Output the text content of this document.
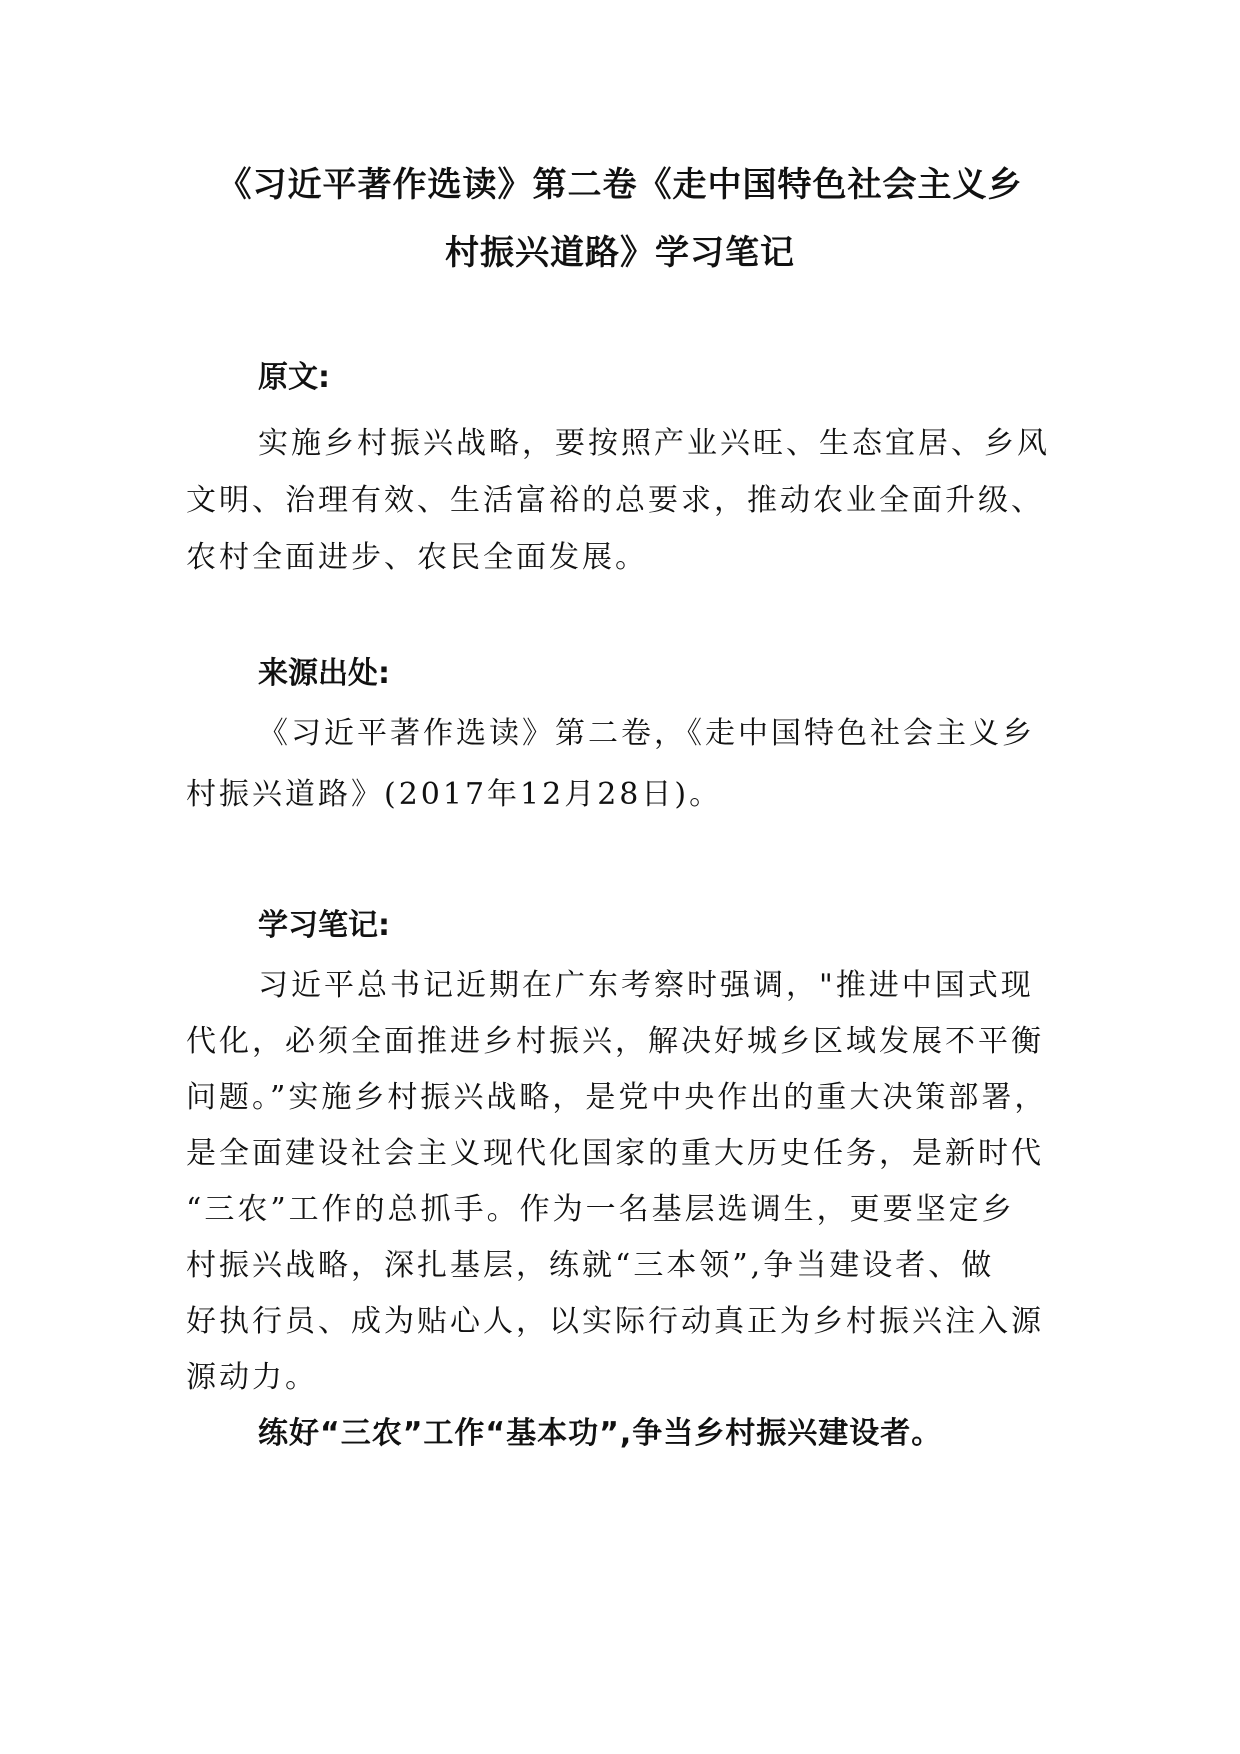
《习近平著作选读》第二卷《走中国特色社会主义乡
村振兴道路》学习笔记
原文:

实施乡村振兴战略，要按照产业兴旺、生态宜居、乡风

文明、治理有效、生活富裕的总要求，推动农业全面升级、

农村全面进步、农民全面发展。

来源出处:

《习近平著作选读》第二卷，《走中国特色社会主义乡

村振兴道路》(2017年12月28日)。

学习笔记:

习近平总书记近期在广东考察时强调，"推进中国式现

代化，必须全面推进乡村振兴，解决好城乡区域发展不平衡

问题。”实施乡村振兴战略，是党中央作出的重大决策部署，

是全面建设社会主义现代化国家的重大历史任务，是新时代

“三农”工作的总抓手。作为一名基层选调生，更要坚定乡

村振兴战略，深扎基层，练就“三本领”,争当建设者、做

好执行员、成为贴心人，以实际行动真正为乡村振兴注入源

源动力。

练好“三农”工作“基本功”,争当乡村振兴建设者。
